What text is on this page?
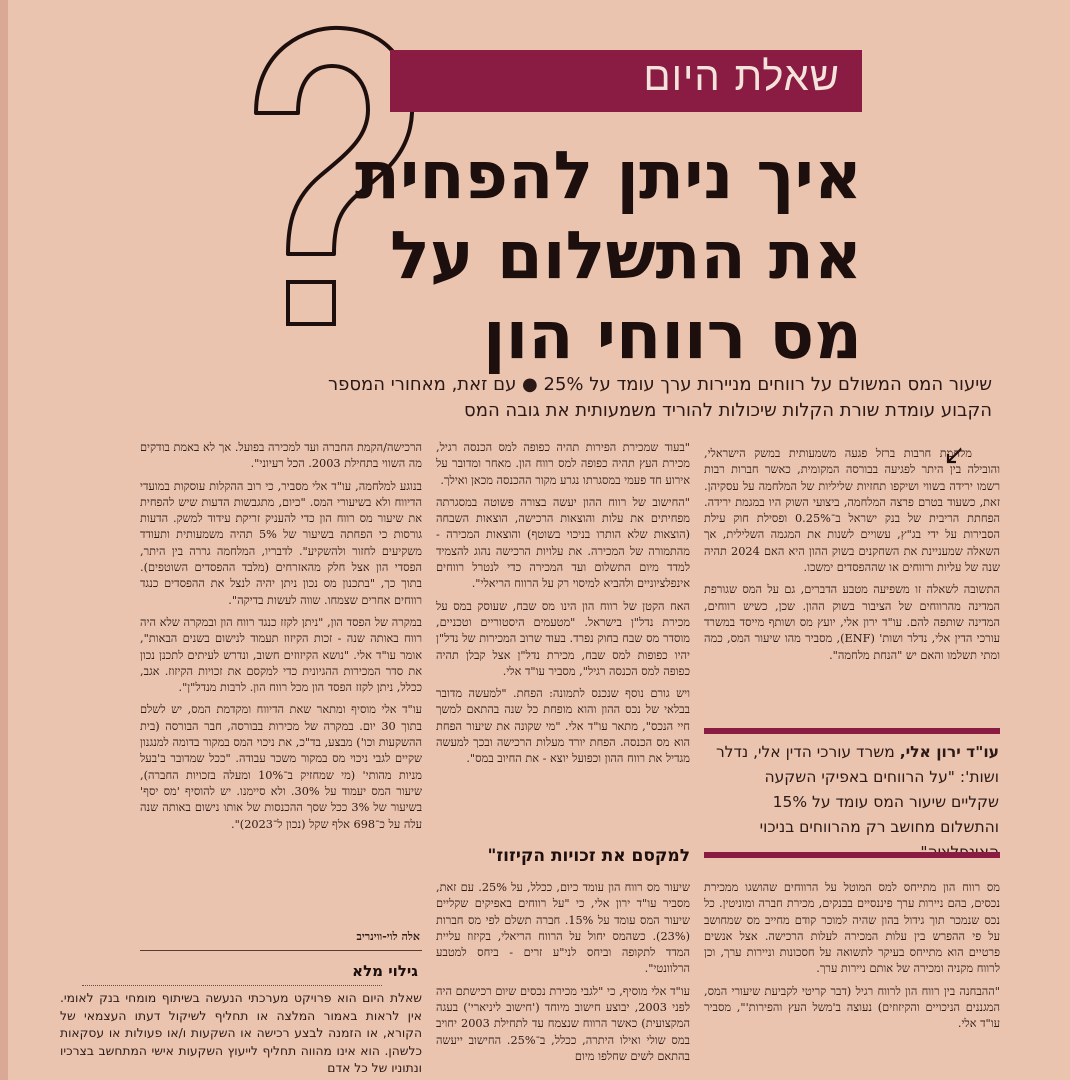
שאלת היום
איך ניתן להפחית
את התשלום על
מס רווחי הון
שיעור המס המשולם על רווחים מניירות ערך עומד על 25% ● עם זאת, מאחורי המספר
הקבוע עומדת שורת הקלות שיכולות להוריד משמעותית את גובה המס

מלחמת חרבות ברזל פגעה משמעותית במשק הישראלי, והובילה בין היתר לפגיעה בבורסה המקומית, כאשר חברות רבות רשמו ירידה בשווי ושיקפו תחזיות שליליות של המלחמה על עסקיהן. זאת, כשעוד בטרם פרצה המלחמה, ביצועי השוק היו במגמת ירידה. הפחתת הריבית של בנק ישראל ב־0.25% ופסילת חוק עילת הסבירות על ידי בג"ץ, עשויים לשנות את המגמה השלילית, אך השאלה שמעניינת את השחקנים בשוק ההון היא האם 2024 תהיה שנה של עליות ורווחים או שההפסדים ימשכו.

התשובה לשאלה זו משפיעה מטבע הדברים, גם על המס שגורפת המדינה מהרווחים של הציבור בשוק ההון. שכן, כשיש רווחים, המדינה שותפה להם. עו"ד ירון אלי, יועץ מס ושותף מייסד במשרד עורכי הדין אלי, נדלר ושות' (ENF), מסביר מהו שיעור המס, כמה ומתי תשלמו והאם יש "הנחת מלחמה".

עו"ד ירון אלי, משרד עורכי הדין אלי, נדלר ושות': "על הרווחים באפיקי השקעה שקליים שיעור המס עומד על 15% והתשלום מחושב רק מהרווחים בניכוי

מס רווח הון מתייחס למס המוטל על הרווחים שהושגו ממכירת נכסים, בהם ניירות ערך פיננסיים בבנקים, מכירת חברה ומוניטין. כל נכס שנמכר תוך גידול בהון שהיה למוכר קודם מחייב מס שמחושב על פי ההפרש בין עלות המכירה לעלות הרכישה. אצל אנשים פרטיים הוא מתייחס בעיקר לתשואה על חסכונות וניירות ערך, וכן לרווח מקניה ומכירה של אותם ניירות ערך.

"ההבחנה בין רווח הון לרווח רגיל (דבר קריטי לקביעת שיעורי המס, המגננים הניכויים והקיזוזים) נעוצה ב'משל העץ והפירות'", מסביר עו"ד אלי.

"בעוד שמכירת הפירות תהיה כפופה למס הכנסה רגיל, מכירת העץ תהיה כפופה למס רווח הון. מאחר ומדובר על אירוע חד פעמי במסגרתו נגרע מקור ההכנסה מכאן ואילך.

"החישוב של רווח ההון יעשה בצורה פשוטה במסגרתה מפחיתים את עלות והוצאות הרכישה, הוצאות השבחה (הוצאות שלא הותרו בניכוי בשוטף) והוצאות המכירה - מהתמורה של המכירה. את עלויות הרכישה נהוג להצמיד למדד מיום התשלום ועד המכירה כדי לנטרל רווחים אינפלציוניים ולהביא למיסוי רק על הרווח הריאלי".

האח הקטן של רווח הון הינו מס שבח, שעוסק במס על מכירת נדל"ן בישראל. "מטעמים היסטוריים וטכניים, מוסדר מס שבח בחוק נפרד. בעוד שרוב המכירות של נדל"ן יהיו כפופות למס שבח, מכירת נדל"ן אצל קבלן תהיה כפופה למס הכנסה רגיל", מסביר עו"ד אלי.

ויש גורם נוסף שנכנס לתמונה: הפחת. "למעשה מדובר בבלאי של נכס ההון והוא מופחת כל שנה בהתאם למשך חיי הנכס", מתאר עו"ד אלי. "מי שקונה את שיעור הפחת הוא מס הכנסה. הפחת יורד מעלות הרכישה ובכך למעשה מגדיל את רווח ההון וכפועל יוצא - את החיוב במס".

למקסם את זכויות הקיזוז"

שיעור מס רווח הון עומד כיום, ככלל, על 25%. עם זאת, מסביר עו"ד ירון אלי, כי "על רווחים באפיקים שקליים שיעור המס עומד על 15%. חברה תשלם לפי מס חברות (23%). כשהמס יחול על הרווח הריאלי, בקיזוז עליית המדד לתקופה וביחס לני"ע זרים - ביחס למטבע הרלוונטי".

עו"ד אלי מוסיף, כי "לגבי מכירת נכסים שיום רכישתם היה לפני 2003, יבוצע חישוב מיוחד ('חישוב ליניארי') בעגה המקצועית) כאשר הרווח שנצמח עד לתחילת 2003 יחויב במס שולי ואילו היתרה, ככלל, ב־25%. החישוב ייעשה בהתאם לשים שחלפו מיום

הרכישה/הקמת החברה ועד למכירה בפועל. אך לא באמת בודקים מה השווי בתחילת 2003. הכל רעיוני".

בנוגע למלחמה, עו"ד אלי מסביר, כי רוב ההקלות עוסקות במועדי הדיווח ולא בשיעורי המס. "כיום, מתגבשות הדעות שיש להפחית את שיעור מס רווח הון כדי להעניק זריקת עידוד למשק. הדעות גורסות כי הפחתה בשיעור של 5% תהיה משמעותית ותעודד משקיעים לחזור ולהשקיע". לדבריו, המלחמה גררה בין היתר, הפסדי הון אצל חלק מהאזרחים (מלבד ההפסדים השוטפים). בתוך כך, "בתכנון מס נכון ניתן יהיה לנצל את ההפסדים כנגד רווחים אחרים שצמחו. שווה לעשות בדיקה".

במקרה של הפסד הון, "ניתן לקזז כנגד רווח הון ובמקרה שלא היה רווח באותה שנה - זכות הקיזוז תעמוד לנישום בשנים הבאות", אומר עו"ד אלי. "נושא הקיזוזים חשוב, ונדרש לעיתים לתכנן נכון את סדר המכירות ההגיונית כדי למקסם את זכויות הקיזוז. אגב, ככלל, ניתן לקזז הפסד הון מכל רווח הון. לרבות מנדל"ן".

עו"ד אלי מוסיף ומתאר שאת הדיווח ומקדמת המס, יש לשלם בתוך 30 יום. במקרה של מכירות בבורסה, חבר הבורסה (בית ההשקעות וכו') מבצע, בד"כ, את ניכוי המס במקור בדומה למנגנון שקיים לגבי ניכוי מס במקור משכר עבודה. "ככל שמדובר ב'בעל מניות מהותי' (מי שמחזיק ב־10% ומעלה בזכויות החברה), שיעור המס יעמוד על 30%. ולא סיימנו. יש להוסיף 'מס יסף' בשיעור של 3% ככל שסך ההכנסות של אותו נישום באותה שנה עלה על כ־698 אלף שקל (נכון ל־2023)".

אלה לוי-ווינריב
גילוי מלא
שאלת היום הוא פרויקט מערכתי הנעשה בשיתוף מומחי בנק לאומי. אין לראות באמור המלצה או תחליף לשיקול דעתו העצמאי של הקורא, או הזמנה לבצע רכישה או השקעות ו/או פעולות או עסקאות כלשהן. הוא אינו מהווה תחליף לייעוץ השקעות אישי המתחשב בצרכיו ונתוניו של כל אדם
